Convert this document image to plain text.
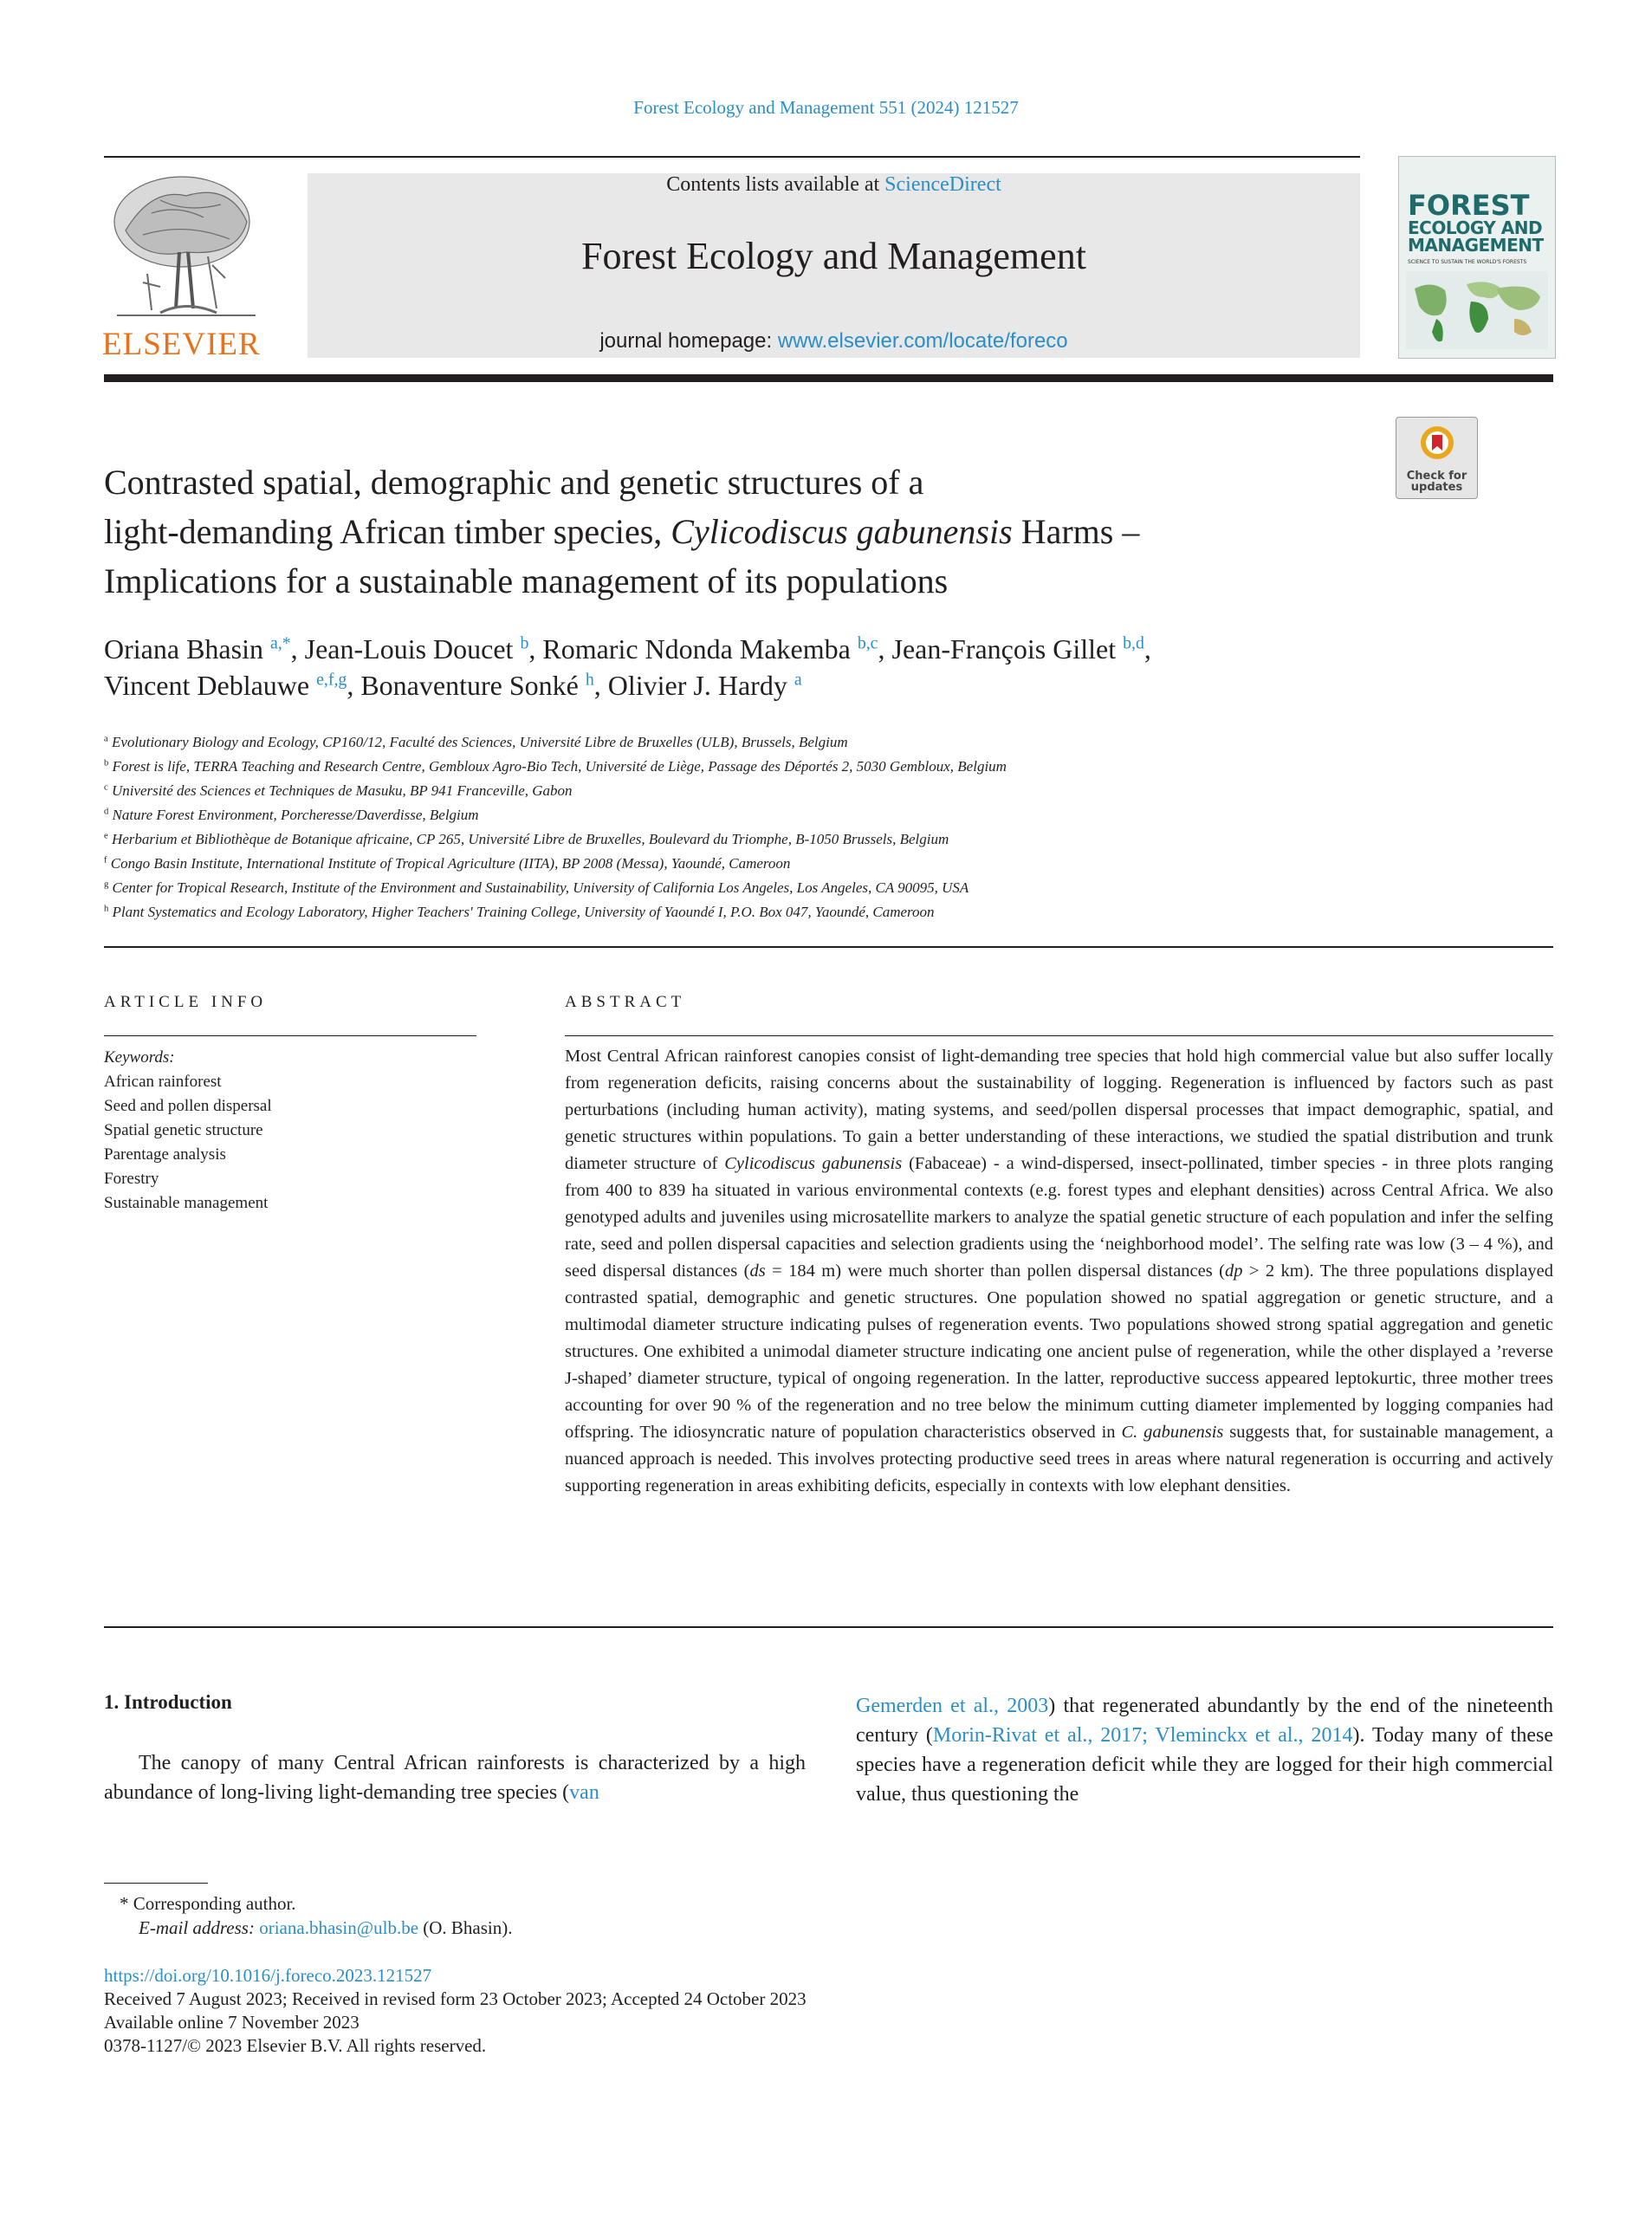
Forest Ecology and Management 551 (2024) 121527
ELSEVIER
Contents lists available at ScienceDirect
Forest Ecology and Management
journal homepage: www.elsevier.com/locate/foreco
FOREST
ECOLOGY AND MANAGEMENT
SCIENCE TO SUSTAIN THE WORLD'S FORESTS
Check for updates
Contrasted spatial, demographic and genetic structures of a
light-demanding African timber species, Cylicodiscus gabunensis Harms –
Implications for a sustainable management of its populations
Oriana Bhasin $^{a,*}$, Jean-Louis Doucet $^b$, Romaric Ndonda Makemba $^{b,c}$, Jean-François Gillet $^{b,d}$,
Vincent Deblauwe $^{e,f,g}$, Bonaventure Sonké $^h$, Olivier J. Hardy $^a$
$^a$ Evolutionary Biology and Ecology, CP160/12, Faculté des Sciences, Université Libre de Bruxelles (ULB), Brussels, Belgium
$^b$ Forest is life, TERRA Teaching and Research Centre, Gembloux Agro-Bio Tech, Université de Liège, Passage des Déportés 2, 5030 Gembloux, Belgium
$^c$ Université des Sciences et Techniques de Masuku, BP 941 Franceville, Gabon
$^d$ Nature Forest Environment, Porcheresse/Daverdisse, Belgium
$^e$ Herbarium et Bibliothèque de Botanique africaine, CP 265, Université Libre de Bruxelles, Boulevard du Triomphe, B-1050 Brussels, Belgium
$^f$ Congo Basin Institute, International Institute of Tropical Agriculture (IITA), BP 2008 (Messa), Yaoundé, Cameroon
$^g$ Center for Tropical Research, Institute of the Environment and Sustainability, University of California Los Angeles, Los Angeles, CA 90095, USA
$^h$ Plant Systematics and Ecology Laboratory, Higher Teachers' Training College, University of Yaoundé I, P.O. Box 047, Yaoundé, Cameroon
ARTICLE INFO
Keywords:
African rainforest
Seed and pollen dispersal
Spatial genetic structure
Parentage analysis
Forestry
Sustainable management
ABSTRACT
Most Central African rainforest canopies consist of light-demanding tree species that hold high commercial value but also suffer locally from regeneration deficits, raising concerns about the sustainability of logging. Regeneration is influenced by factors such as past perturbations (including human activity), mating systems, and seed/pollen dispersal processes that impact demographic, spatial, and genetic structures within populations. To gain a better understanding of these interactions, we studied the spatial distribution and trunk diameter structure of Cylicodiscus gabunensis (Fabaceae) - a wind-dispersed, insect-pollinated, timber species - in three plots ranging from 400 to 839 ha situated in various environmental contexts (e.g. forest types and elephant densities) across Central Africa. We also genotyped adults and juveniles using microsatellite markers to analyze the spatial genetic structure of each population and infer the selfing rate, seed and pollen dispersal capacities and selection gradients using the ‘neighborhood model’. The selfing rate was low (3 – 4 %), and seed dispersal distances (ds = 184 m) were much shorter than pollen dispersal distances (dp > 2 km). The three populations displayed contrasted spatial, demographic and genetic structures. One population showed no spatial aggregation or genetic structure, and a multimodal diameter structure indicating pulses of regeneration events. Two populations showed strong spatial aggregation and genetic structures. One exhibited a unimodal diameter structure indicating one ancient pulse of regeneration, while the other displayed a ’reverse J-shaped’ diameter structure, typical of ongoing regeneration. In the latter, reproductive success appeared leptokurtic, three mother trees accounting for over 90 % of the regeneration and no tree below the minimum cutting diameter implemented by logging companies had offspring. The idiosyncratic nature of population characteristics observed in C. gabunensis suggests that, for sustainable management, a nuanced approach is needed. This involves protecting productive seed trees in areas where natural regeneration is occurring and actively supporting regeneration in areas exhibiting deficits, especially in contexts with low elephant densities.
1. Introduction
The canopy of many Central African rainforests is characterized by a high abundance of long-living light-demanding tree species (van
Gemerden et al., 2003) that regenerated abundantly by the end of the nineteenth century (Morin-Rivat et al., 2017; Vleminckx et al., 2014). Today many of these species have a regeneration deficit while they are logged for their high commercial value, thus questioning the
* Corresponding author.
E-mail address: oriana.bhasin@ulb.be (O. Bhasin).
https://doi.org/10.1016/j.foreco.2023.121527
Received 7 August 2023; Received in revised form 23 October 2023; Accepted 24 October 2023
Available online 7 November 2023
0378-1127/© 2023 Elsevier B.V. All rights reserved.
